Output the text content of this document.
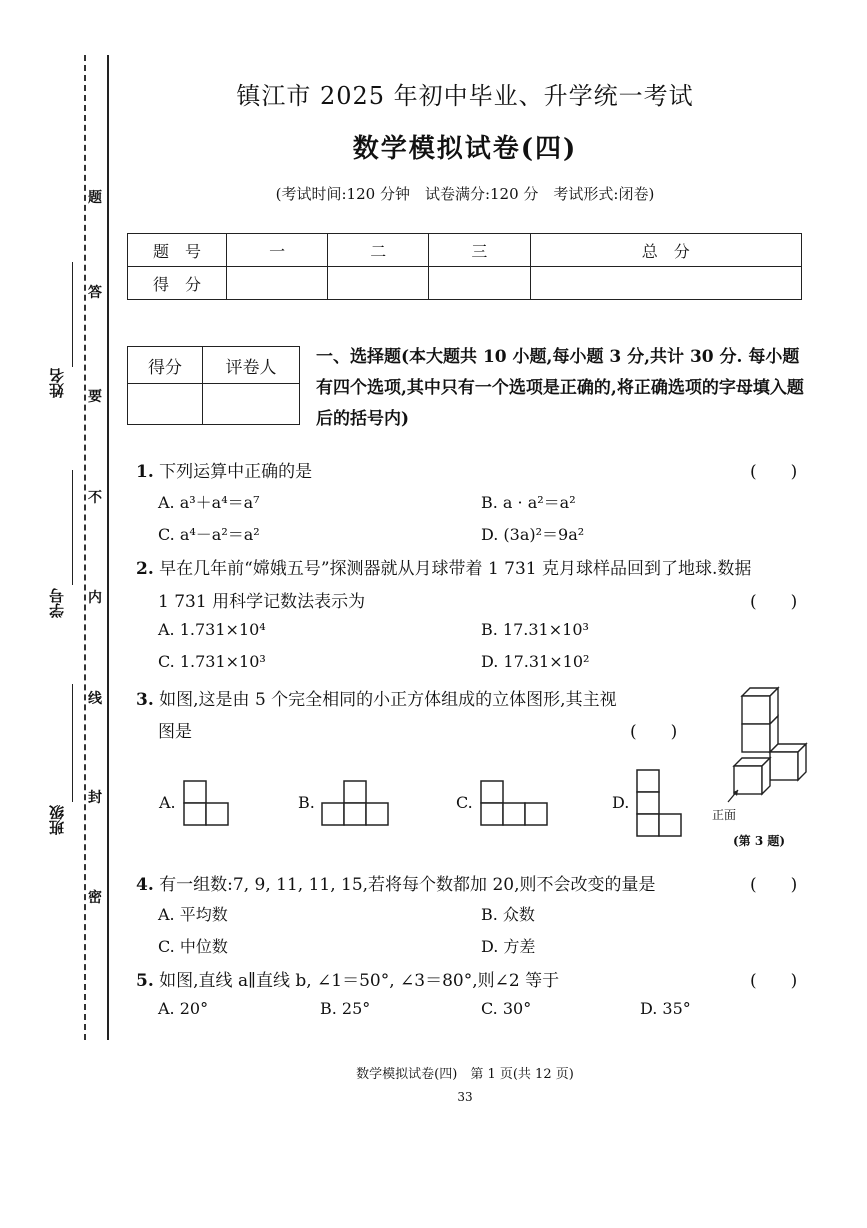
题
答
要
不
内
线
封
密
姓名
学号
班级
镇江市 2025 年初中毕业、升学统一考试
数学模拟试卷(四)
(考试时间:120 分钟　试卷满分:120 分　考试形式:闭卷)
题　号	一	二	三	总　分
得　分				
得分	评卷人

一、选择题(本大题共 10 小题,每小题 3 分,共计 30 分. 每小题有四个选项,其中只有一个选项是正确的,将正确选项的字母填入题后的括号内)
1. 下列运算中正确的是	(　　)
A. a³＋a⁴＝a⁷	B. a · a²＝a²
C. a⁴－a²＝a²	D. (3a)²＝9a²
2. 早在几年前“嫦娥五号”探测器就从月球带着 1 731 克月球样品回到了地球.数据
1 731 用科学记数法表示为	(　　)
A. 1.731×10⁴	B. 17.31×10³
C. 1.731×10³	D. 17.31×10²
3. 如图,这是由 5 个完全相同的小正方体组成的立体图形,其主视
图是	(　　)
A.	B.	C.	D.
正面
(第 3 题)
4. 有一组数:7, 9, 11, 11, 15,若将每个数都加 20,则不会改变的量是	(　　)
A. 平均数	B. 众数
C. 中位数	D. 方差
5. 如图,直线 a∥直线 b, ∠1＝50°, ∠3＝80°,则∠2 等于	(　　)
A. 20°	B. 25°	C. 30°	D. 35°
数学模拟试卷(四)　第 1 页(共 12 页)
33
